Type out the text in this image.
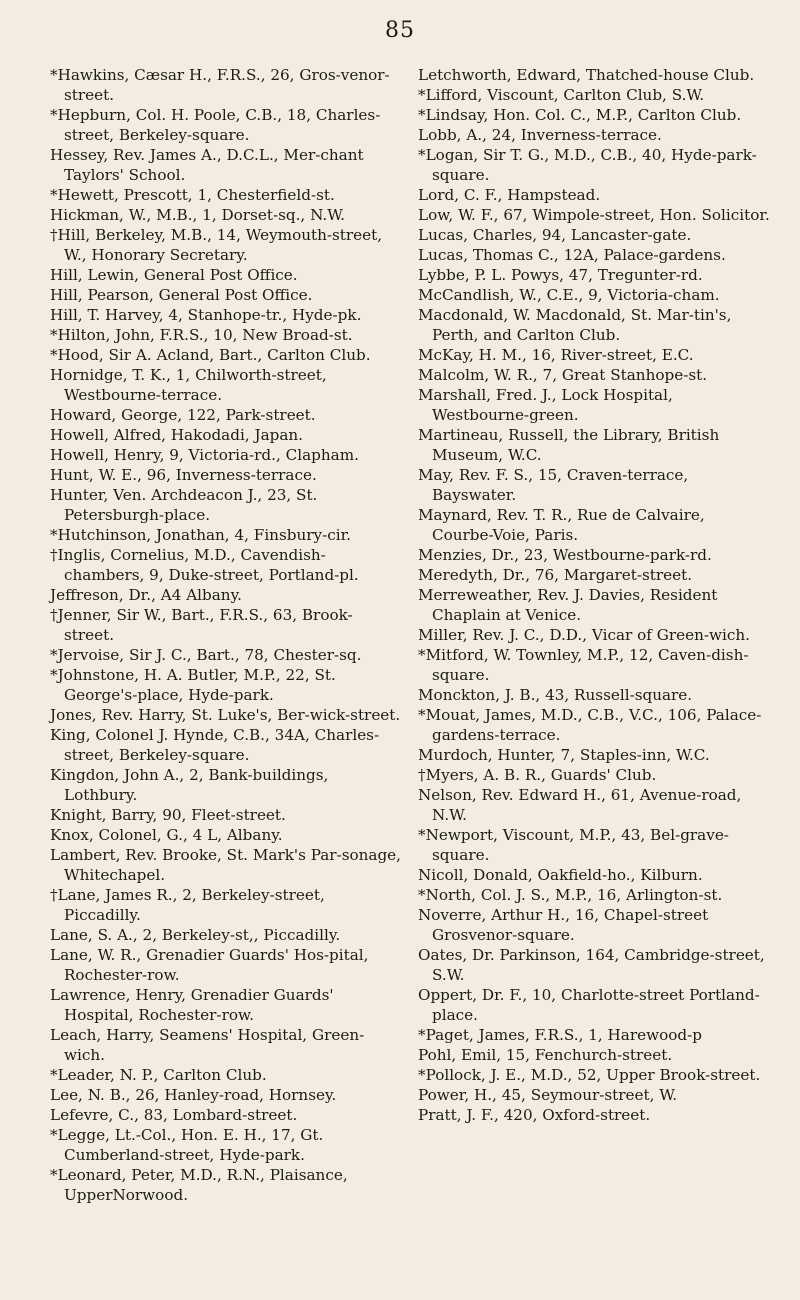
85

*Hawkins, Cæsar H., F.R.S., 26, Gros-venor-street.

*Hepburn, Col. H. Poole, C.B., 18, Charles-street, Berkeley-square.

Hessey, Rev. James A., D.C.L., Mer-chant Taylors' School.

*Hewett, Prescott, 1, Chesterfield-st.

Hickman, W., M.B., 1, Dorset-sq., N.W.

†Hill, Berkeley, M.B., 14, Weymouth-street, W., Honorary Secretary.

Hill, Lewin, General Post Office.

Hill, Pearson, General Post Office.

Hill, T. Harvey, 4, Stanhope-tr., Hyde-pk.

*Hilton, John, F.R.S., 10, New Broad-st.

*Hood, Sir A. Acland, Bart., Carlton Club.

Hornidge, T. K., 1, Chilworth-street, Westbourne-terrace.

Howard, George, 122, Park-street.

Howell, Alfred, Hakodadi, Japan.

Howell, Henry, 9, Victoria-rd., Clapham.

Hunt, W. E., 96, Inverness-terrace.

Hunter, Ven. Archdeacon J., 23, St. Petersburgh-place.

*Hutchinson, Jonathan, 4, Finsbury-cir.

†Inglis, Cornelius, M.D., Cavendish-chambers, 9, Duke-street, Portland-pl.

Jeffreson, Dr., A4 Albany.

†Jenner, Sir W., Bart., F.R.S., 63, Brook-street.

*Jervoise, Sir J. C., Bart., 78, Chester-sq.

*Johnstone, H. A. Butler, M.P., 22, St. George's-place, Hyde-park.

Jones, Rev. Harry, St. Luke's, Ber-wick-street.

King, Colonel J. Hynde, C.B., 34A, Charles-street, Berkeley-square.

Kingdon, John A., 2, Bank-buildings, Lothbury.

Knight, Barry, 90, Fleet-street.

Knox, Colonel, G., 4 L, Albany.

Lambert, Rev. Brooke, St. Mark's Par-sonage, Whitechapel.

†Lane, James R., 2, Berkeley-street, Piccadilly.

Lane, S. A., 2, Berkeley-st,, Piccadilly.

Lane, W. R., Grenadier Guards' Hos-pital, Rochester-row.

Lawrence, Henry, Grenadier Guards' Hospital, Rochester-row.

Leach, Harry, Seamens' Hospital, Green-wich.

*Leader, N. P., Carlton Club.

Lee, N. B., 26, Hanley-road, Hornsey.

Lefevre, C., 83, Lombard-street.

*Legge, Lt.-Col., Hon. E. H., 17, Gt. Cumberland-street, Hyde-park.

*Leonard, Peter, M.D., R.N., Plaisance, UpperNorwood.

Letchworth, Edward, Thatched-house Club.

*Lifford, Viscount, Carlton Club, S.W.

*Lindsay, Hon. Col. C., M.P., Carlton Club.

Lobb, A., 24, Inverness-terrace.

*Logan, Sir T. G., M.D., C.B., 40, Hyde-park-square.

Lord, C. F., Hampstead.

Low, W. F., 67, Wimpole-street, Hon. Solicitor.

Lucas, Charles, 94, Lancaster-gate.

Lucas, Thomas C., 12A, Palace-gardens.

Lybbe, P. L. Powys, 47, Tregunter-rd.

McCandlish, W., C.E., 9, Victoria-cham.

Macdonald, W. Macdonald, St. Mar-tin's, Perth, and Carlton Club.

McKay, H. M., 16, River-street, E.C.

Malcolm, W. R., 7, Great Stanhope-st.

Marshall, Fred. J., Lock Hospital, Westbourne-green.

Martineau, Russell, the Library, British Museum, W.C.

May, Rev. F. S., 15, Craven-terrace, Bayswater.

Maynard, Rev. T. R., Rue de Calvaire, Courbe-Voie, Paris.

Menzies, Dr., 23, Westbourne-park-rd.

Meredyth, Dr., 76, Margaret-street.

Merreweather, Rev. J. Davies, Resident Chaplain at Venice.

Miller, Rev. J. C., D.D., Vicar of Green-wich.

*Mitford, W. Townley, M.P., 12, Caven-dish-square.

Monckton, J. B., 43, Russell-square.

*Mouat, James, M.D., C.B., V.C., 106, Palace-gardens-terrace.

Murdoch, Hunter, 7, Staples-inn, W.C.

†Myers, A. B. R., Guards' Club.

Nelson, Rev. Edward H., 61, Avenue-road, N.W.

*Newport, Viscount, M.P., 43, Bel-grave-square.

Nicoll, Donald, Oakfield-ho., Kilburn.

*North, Col. J. S., M.P., 16, Arlington-st.

Noverre, Arthur H., 16, Chapel-street Grosvenor-square.

Oates, Dr. Parkinson, 164, Cambridge-street, S.W.

Oppert, Dr. F., 10, Charlotte-street Portland-place.

*Paget, James, F.R.S., 1, Harewood-p

Pohl, Emil, 15, Fenchurch-street.

*Pollock, J. E., M.D., 52, Upper Brook-street.

Power, H., 45, Seymour-street, W.

Pratt, J. F., 420, Oxford-street.
